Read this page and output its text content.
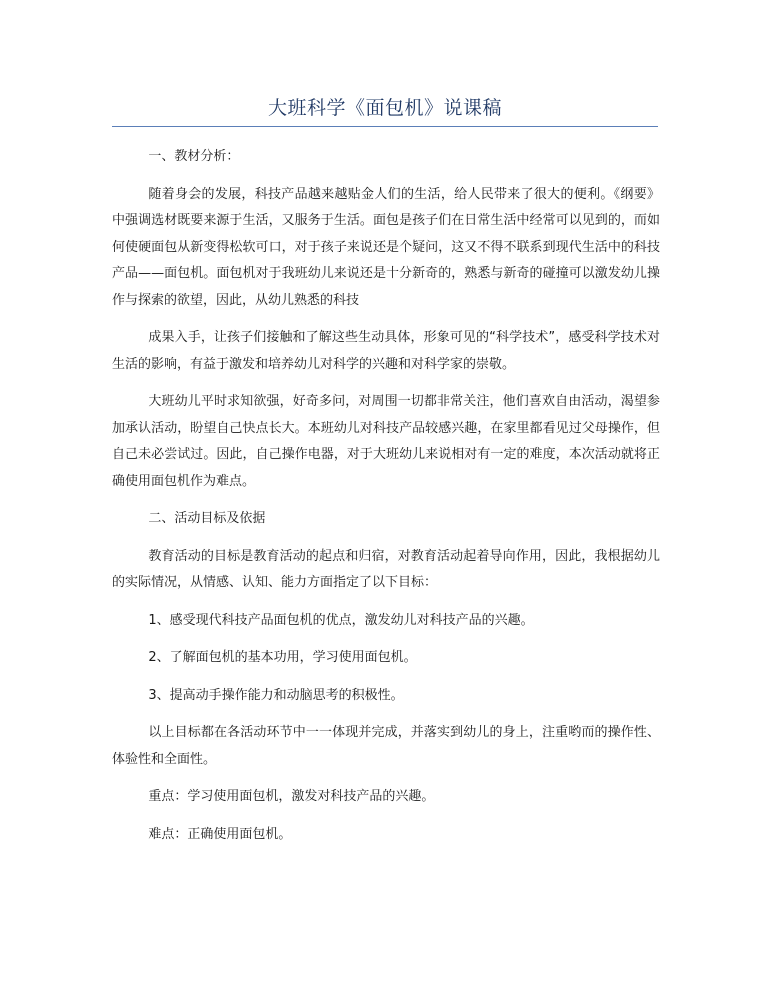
大班科学《面包机》说课稿

一、教材分析：

随着身会的发展，科技产品越来越贴金人们的生活，给人民带来了很大的便利。《纲要》中强调选材既要来源于生活，又服务于生活。面包是孩子们在日常生活中经常可以见到的，而如何使硬面包从新变得松软可口，对于孩子来说还是个疑问，这又不得不联系到现代生活中的科技产品——面包机。面包机对于我班幼儿来说还是十分新奇的，熟悉与新奇的碰撞可以激发幼儿操作与探索的欲望，因此，从幼儿熟悉的科技

成果入手，让孩子们接触和了解这些生动具体，形象可见的“科学技术”，感受科学技术对生活的影响，有益于激发和培养幼儿对科学的兴趣和对科学家的崇敬。

大班幼儿平时求知欲强，好奇多问，对周围一切都非常关注，他们喜欢自由活动，渴望参加承认活动，盼望自己快点长大。本班幼儿对科技产品较感兴趣，在家里都看见过父母操作，但自己未必尝试过。因此，自己操作电器，对于大班幼儿来说相对有一定的难度，本次活动就将正确使用面包机作为难点。

二、活动目标及依据

教育活动的目标是教育活动的起点和归宿，对教育活动起着导向作用，因此，我根据幼儿的实际情况，从情感、认知、能力方面指定了以下目标：

1、感受现代科技产品面包机的优点，激发幼儿对科技产品的兴趣。

2、了解面包机的基本功用，学习使用面包机。

3、提高动手操作能力和动脑思考的积极性。

以上目标都在各活动环节中一一体现并完成，并落实到幼儿的身上，注重哟而的操作性、体验性和全面性。

重点：学习使用面包机，激发对科技产品的兴趣。

难点：正确使用面包机。
